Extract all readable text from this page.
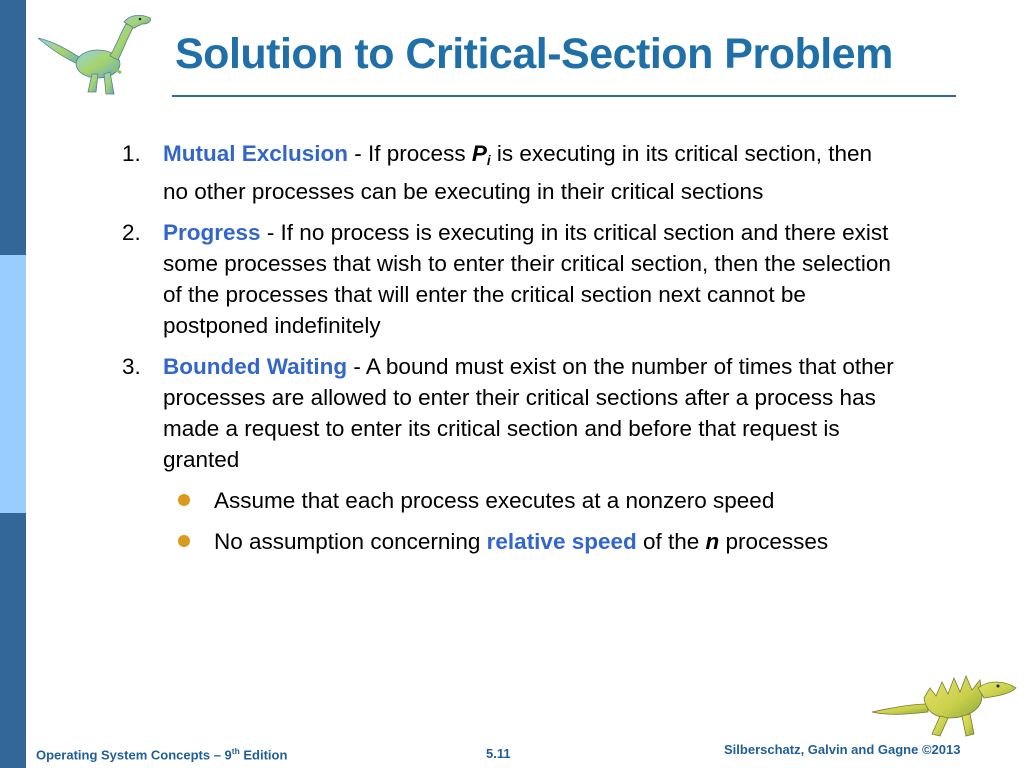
Solution to Critical-Section Problem
1. Mutual Exclusion - If process $P_i$ is executing in its critical section, then no other processes can be executing in their critical sections
2. Progress - If no process is executing in its critical section and there exist some processes that wish to enter their critical section, then the selection of the processes that will enter the critical section next cannot be postponed indefinitely
3. Bounded Waiting - A bound must exist on the number of times that other processes are allowed to enter their critical sections after a process has made a request to enter its critical section and before that request is granted
Assume that each process executes at a nonzero speed
No assumption concerning relative speed of the n processes
Operating System Concepts – 9th Edition	5.11	Silberschatz, Galvin and Gagne ©2013
